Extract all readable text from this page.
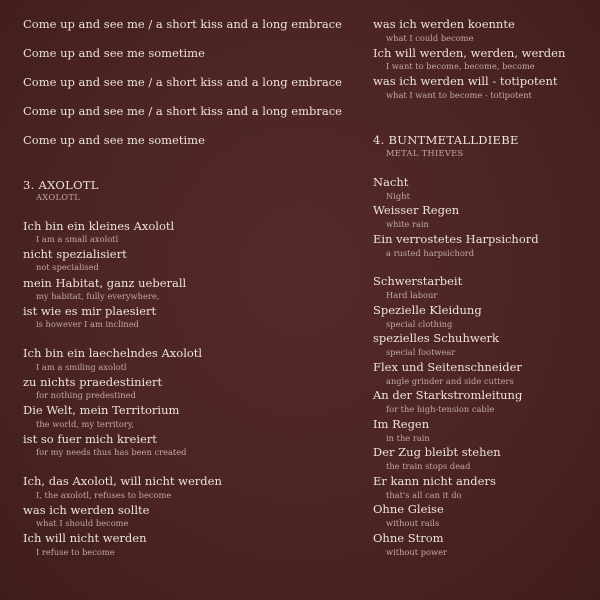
Come up and see me / a short kiss and a long embrace
Come up and see me sometime
Come up and see me / a short kiss and a long embrace
Come up and see me / a short kiss and a long embrace
Come up and see me sometime
3. AXOLOTL
AXOLOTL
Ich bin ein kleines Axolotl
I am a small axolotl
nicht spezialisiert
not specialised
mein Habitat, ganz ueberall
my habitat, fully everywhere,
ist wie es mir plaesiert
is however I am inclined
Ich bin ein laechelndes Axolotl
I am a smiling axolotl
zu nichts praedestiniert
for nothing predestined
Die Welt, mein Territorium
the world, my territory,
ist so fuer mich kreiert
for my needs thus has been created
Ich, das Axolotl, will nicht werden
I, the axolotl, refuses to become
was ich werden sollte
what I should become
Ich will nicht werden
I refuse to become
was ich werden koennte
what I could become
Ich will werden, werden, werden
I want to become, become, become
was ich werden will - totipotent
what I want to become - totipotent
4. BUNTMETALLDIEBE
METAL THIEVES
Nacht
Night
Weisser Regen
white rain
Ein verrostetes Harpsichord
a rusted harpsichord
Schwerstarbeit
Hard labour
Spezielle Kleidung
special clothing
spezielles Schuhwerk
special footwear
Flex und Seitenschneider
angle grinder and side cutters
An der Starkstromleitung
for the high-tension cable
Im Regen
in the rain
Der Zug bleibt stehen
the train stops dead
Er kann nicht anders
that's all can it do
Ohne Gleise
without rails
Ohne Strom
without power
